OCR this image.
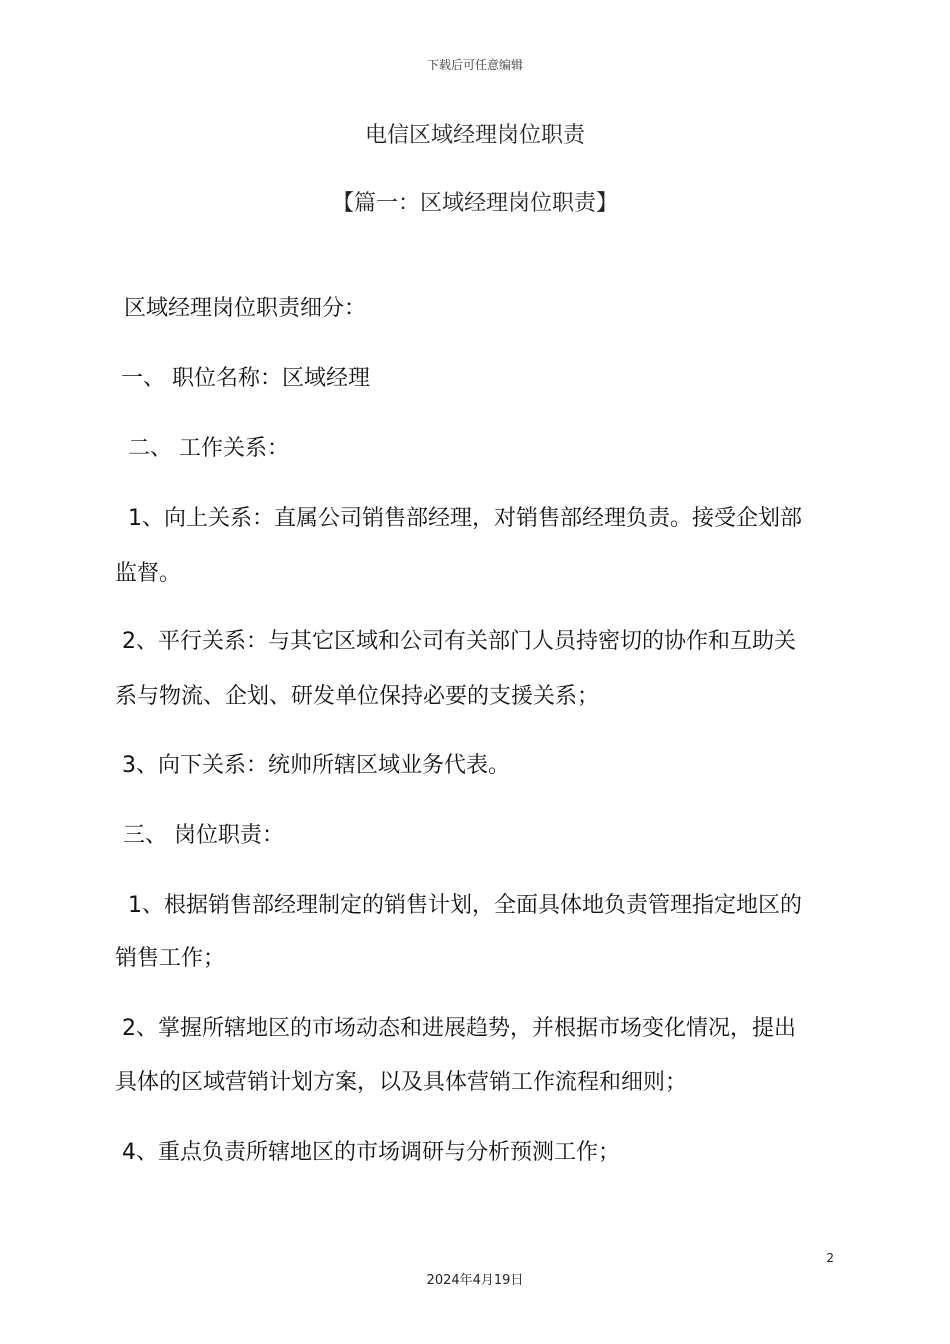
下载后可任意编辑
电信区域经理岗位职责
【篇一：区域经理岗位职责】
区域经理岗位职责细分：
一、 职位名称：区域经理
二、 工作关系：
1、向上关系：直属公司销售部经理，对销售部经理负责。接受企划部
监督。
2、平行关系：与其它区域和公司有关部门人员持密切的协作和互助关
系与物流、企划、研发单位保持必要的支援关系；
3、向下关系：统帅所辖区域业务代表。
三、 岗位职责：
1、根据销售部经理制定的销售计划，全面具体地负责管理指定地区的
销售工作；
2、掌握所辖地区的市场动态和进展趋势，并根据市场变化情况，提出
具体的区域营销计划方案，以及具体营销工作流程和细则；
4、重点负责所辖地区的市场调研与分析预测工作；
2
2024年4月19日
